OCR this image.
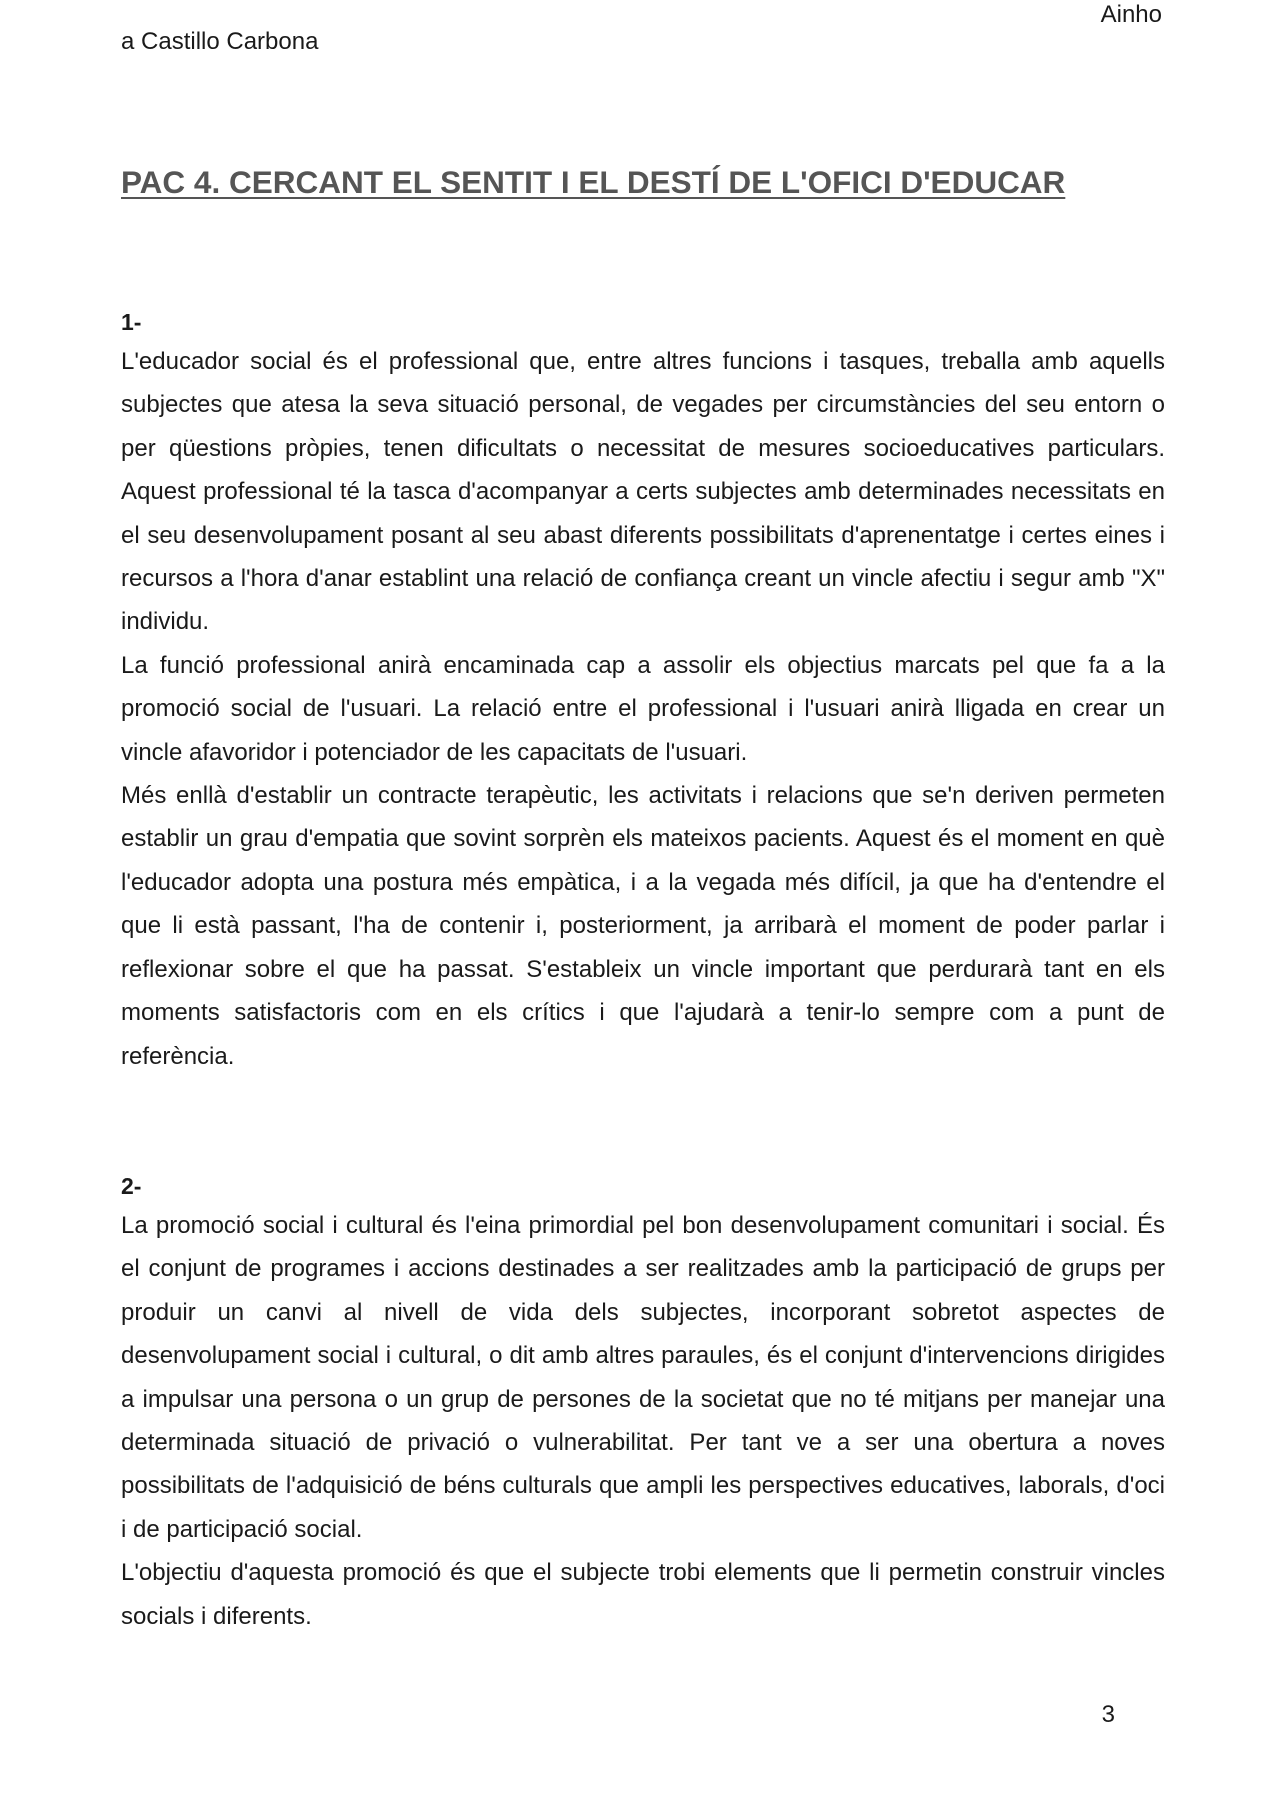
Ainho
a Castillo Carbona
PAC 4. CERCANT EL SENTIT I EL DESTÍ DE L'OFICI D'EDUCAR

1-

L'educador social és el professional que, entre altres funcions i tasques, treballa amb aquells subjectes que atesa la seva situació personal, de vegades per circumstàncies del seu entorn o per qüestions pròpies, tenen dificultats o necessitat de mesures socioeducatives particulars. Aquest professional té la tasca d'acompanyar a certs subjectes amb determinades necessitats en el seu desenvolupament posant al seu abast diferents possibilitats d'aprenentatge i certes eines i recursos a l'hora d'anar establint una relació de confiança creant un vincle afectiu i segur amb "X" individu.

La funció professional anirà encaminada cap a assolir els objectius marcats pel que fa a la promoció social de l'usuari. La relació entre el professional i l'usuari anirà lligada en crear un vincle afavoridor i potenciador de les capacitats de l'usuari.

Més enllà d'establir un contracte terapèutic, les activitats i relacions que se'n deriven permeten establir un grau d'empatia que sovint sorprèn els mateixos pacients. Aquest és el moment en què l'educador adopta una postura més empàtica, i a la vegada més difícil, ja que ha d'entendre el que li està passant, l'ha de contenir i, posteriorment, ja arribarà el moment de poder parlar i reflexionar sobre el que ha passat. S'estableix un vincle important que perdurarà tant en els moments satisfactoris com en els crítics i que l'ajudarà a tenir-lo sempre com a punt de referència.

2-

La promoció social i cultural és l'eina primordial pel bon desenvolupament comunitari i social. És el conjunt de programes i accions destinades a ser realitzades amb la participació de grups per produir un canvi al nivell de vida dels subjectes, incorporant sobretot aspectes de desenvolupament social i cultural, o dit amb altres paraules, és el conjunt d'intervencions dirigides a impulsar una persona o un grup de persones de la societat que no té mitjans per manejar una determinada situació de privació o vulnerabilitat. Per tant ve a ser una obertura a noves possibilitats de l'adquisició de béns culturals que ampli les perspectives educatives, laborals, d'oci i de participació social.

L'objectiu d'aquesta promoció és que el subjecte trobi elements que li permetin construir vincles socials i diferents.

3
